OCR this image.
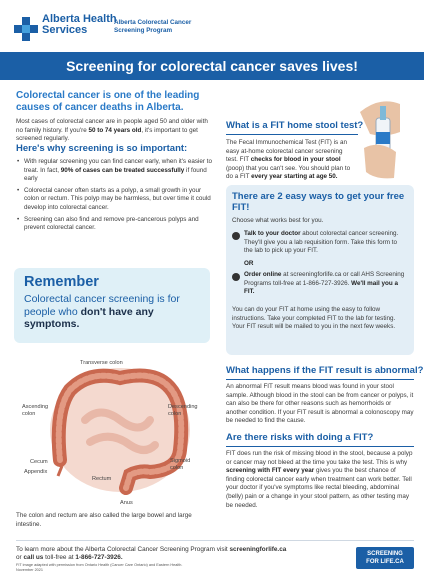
Alberta Health
Services
Alberta Colorectal Cancer
Screening Program
Screening for colorectal cancer saves lives!
Colorectal cancer is one of the leading causes of cancer deaths in Alberta.
Most cases of colorectal cancer are in people aged 50 and older with no family history. If you're 50 to 74 years old, it's important to get screened regularly.
Here's why screening is so important:
• With regular screening you can find cancer early, when it's easier to treat. In fact, 90% of cases can be treated successfully if found early
• Colorectal cancer often starts as a polyp, a small growth in your colon or rectum. This polyp may be harmless, but over time it could develop into colorectal cancer.
• Screening can also find and remove pre-cancerous polyps and prevent colorectal cancer.
Remember
Colorectal cancer screening is for people who don't have any symptoms.
Transverse colon
Ascending colon
Descending colon
Cecum
Appendix
Rectum
Sigmoid colon
Anus
The colon and rectum are also called the large bowel and large intestine.
What is a FIT home stool test?
The Fecal Immunochemical Test (FIT) is an easy at-home colorectal cancer screening test. FIT checks for blood in your stool (poop) that you can't see. You should plan to do a FIT every year starting at age 50.
There are 2 easy ways to get your free FIT!
Choose what works best for you.
Talk to your doctor about colorectal cancer screening. They'll give you a lab requisition form. Take this form to the lab to pick up your FIT.
OR
Order online at screeningforlife.ca or call AHS Screening Programs toll-free at 1-866-727-3926. We'll mail you a FIT.
You can do your FIT at home using the easy to follow instructions. Take your completed FIT to the lab for testing. Your FIT result will be mailed to you in the next few weeks.
What happens if the FIT result is abnormal?
An abnormal FIT result means blood was found in your stool sample. Although blood in the stool can be from cancer or polyps, it can also be there for other reasons such as hemorrhoids or another condition. If your FIT result is abnormal a colonoscopy may be needed to find the cause.
Are there risks with doing a FIT?
FIT does run the risk of missing blood in the stool, because a polyp or cancer may not bleed at the time you take the test. This is why screening with FIT every year gives you the best chance of finding colorectal cancer early when treatment can work better. Tell your doctor if you've symptoms like rectal bleeding, abdominal (belly) pain or a change in your stool pattern, as other testing may be needed.
To learn more about the Alberta Colorectal Cancer Screening Program visit screeningforlife.ca
or call us toll-free at 1-866-727-3926.
FIT image adapted with permission from Ontario Health (Cancer Care Ontario) and Eastern Health.
November 2021
SCREENING
FOR LIFE.CA
